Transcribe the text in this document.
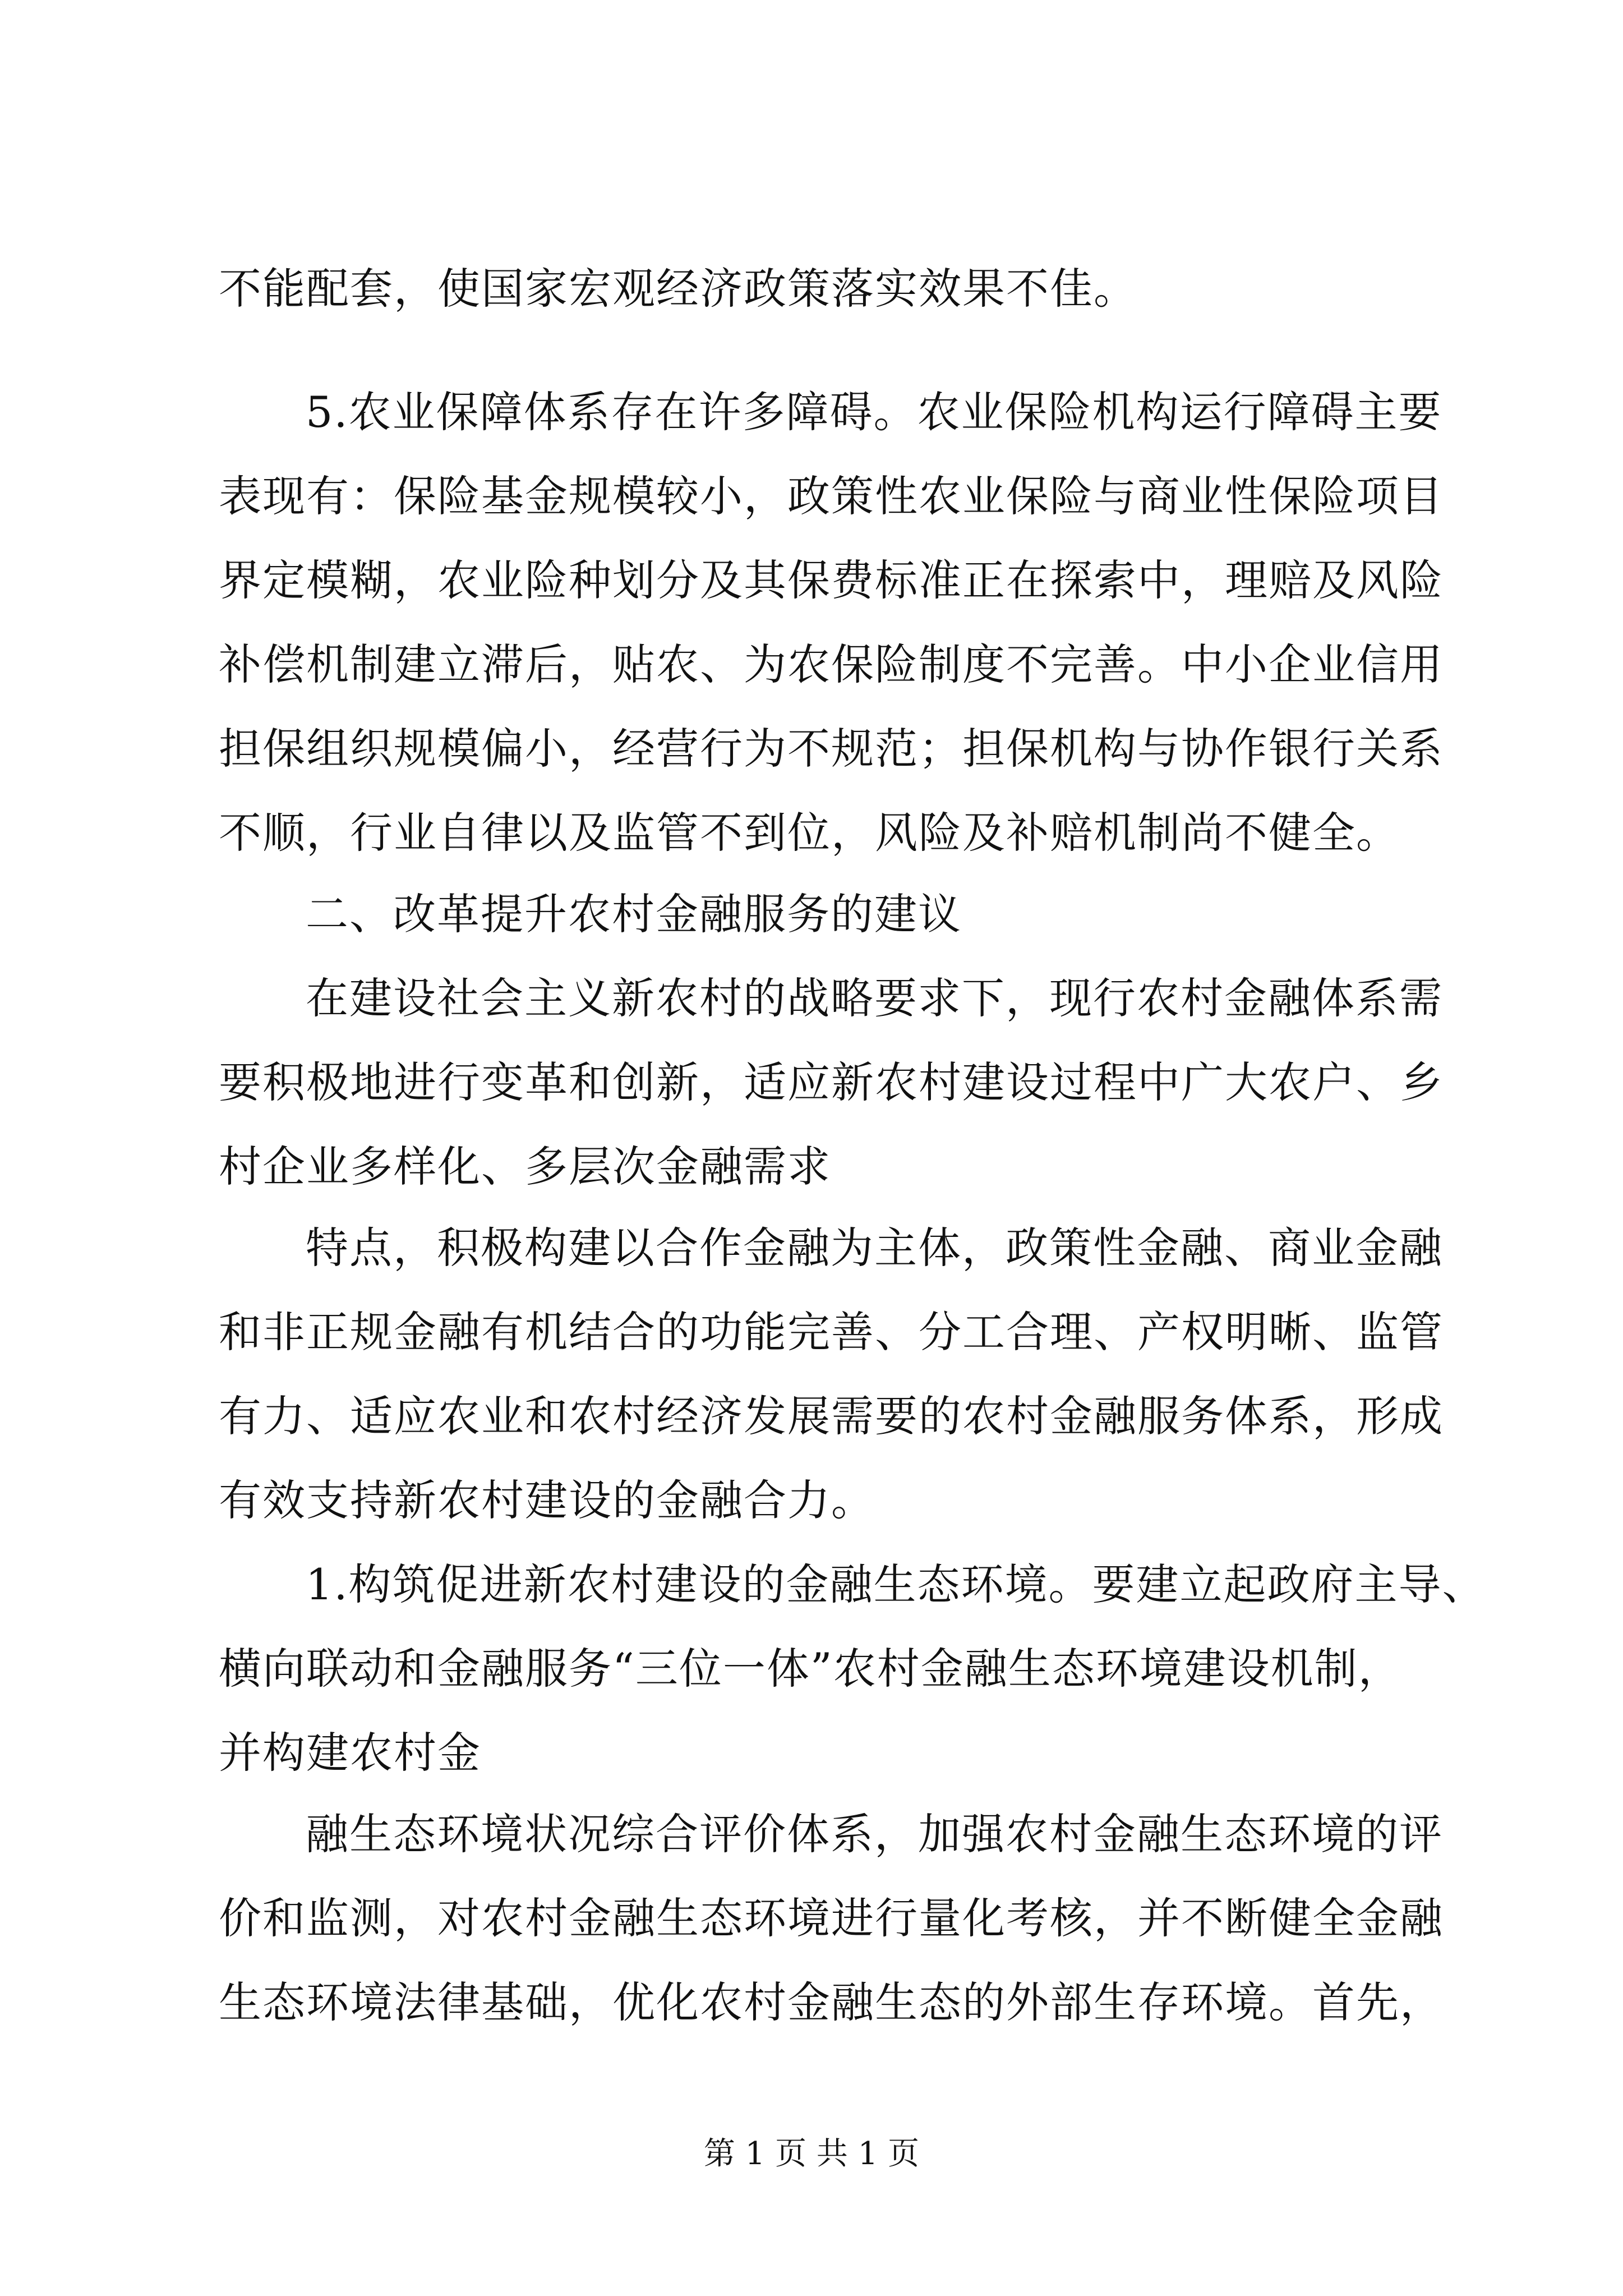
不能配套，使国家宏观经济政策落实效果不佳。
5.农业保障体系存在许多障碍。农业保险机构运行障碍主要
表现有：保险基金规模较小，政策性农业保险与商业性保险项目
界定模糊，农业险种划分及其保费标准正在探索中，理赔及风险
补偿机制建立滞后，贴农、为农保险制度不完善。中小企业信用
担保组织规模偏小，经营行为不规范；担保机构与协作银行关系
不顺，行业自律以及监管不到位，风险及补赔机制尚不健全。
二、改革提升农村金融服务的建议
在建设社会主义新农村的战略要求下，现行农村金融体系需
要积极地进行变革和创新，适应新农村建设过程中广大农户、乡
村企业多样化、多层次金融需求
特点，积极构建以合作金融为主体，政策性金融、商业金融
和非正规金融有机结合的功能完善、分工合理、产权明晰、监管
有力、适应农业和农村经济发展需要的农村金融服务体系，形成
有效支持新农村建设的金融合力。
1.构筑促进新农村建设的金融生态环境。要建立起政府主导、
横向联动和金融服务“三位一体”农村金融生态环境建设机制，
并构建农村金
融生态环境状况综合评价体系，加强农村金融生态环境的评
价和监测，对农村金融生态环境进行量化考核，并不断健全金融
生态环境法律基础，优化农村金融生态的外部生存环境。首先，
第 1 页 共 1 页
